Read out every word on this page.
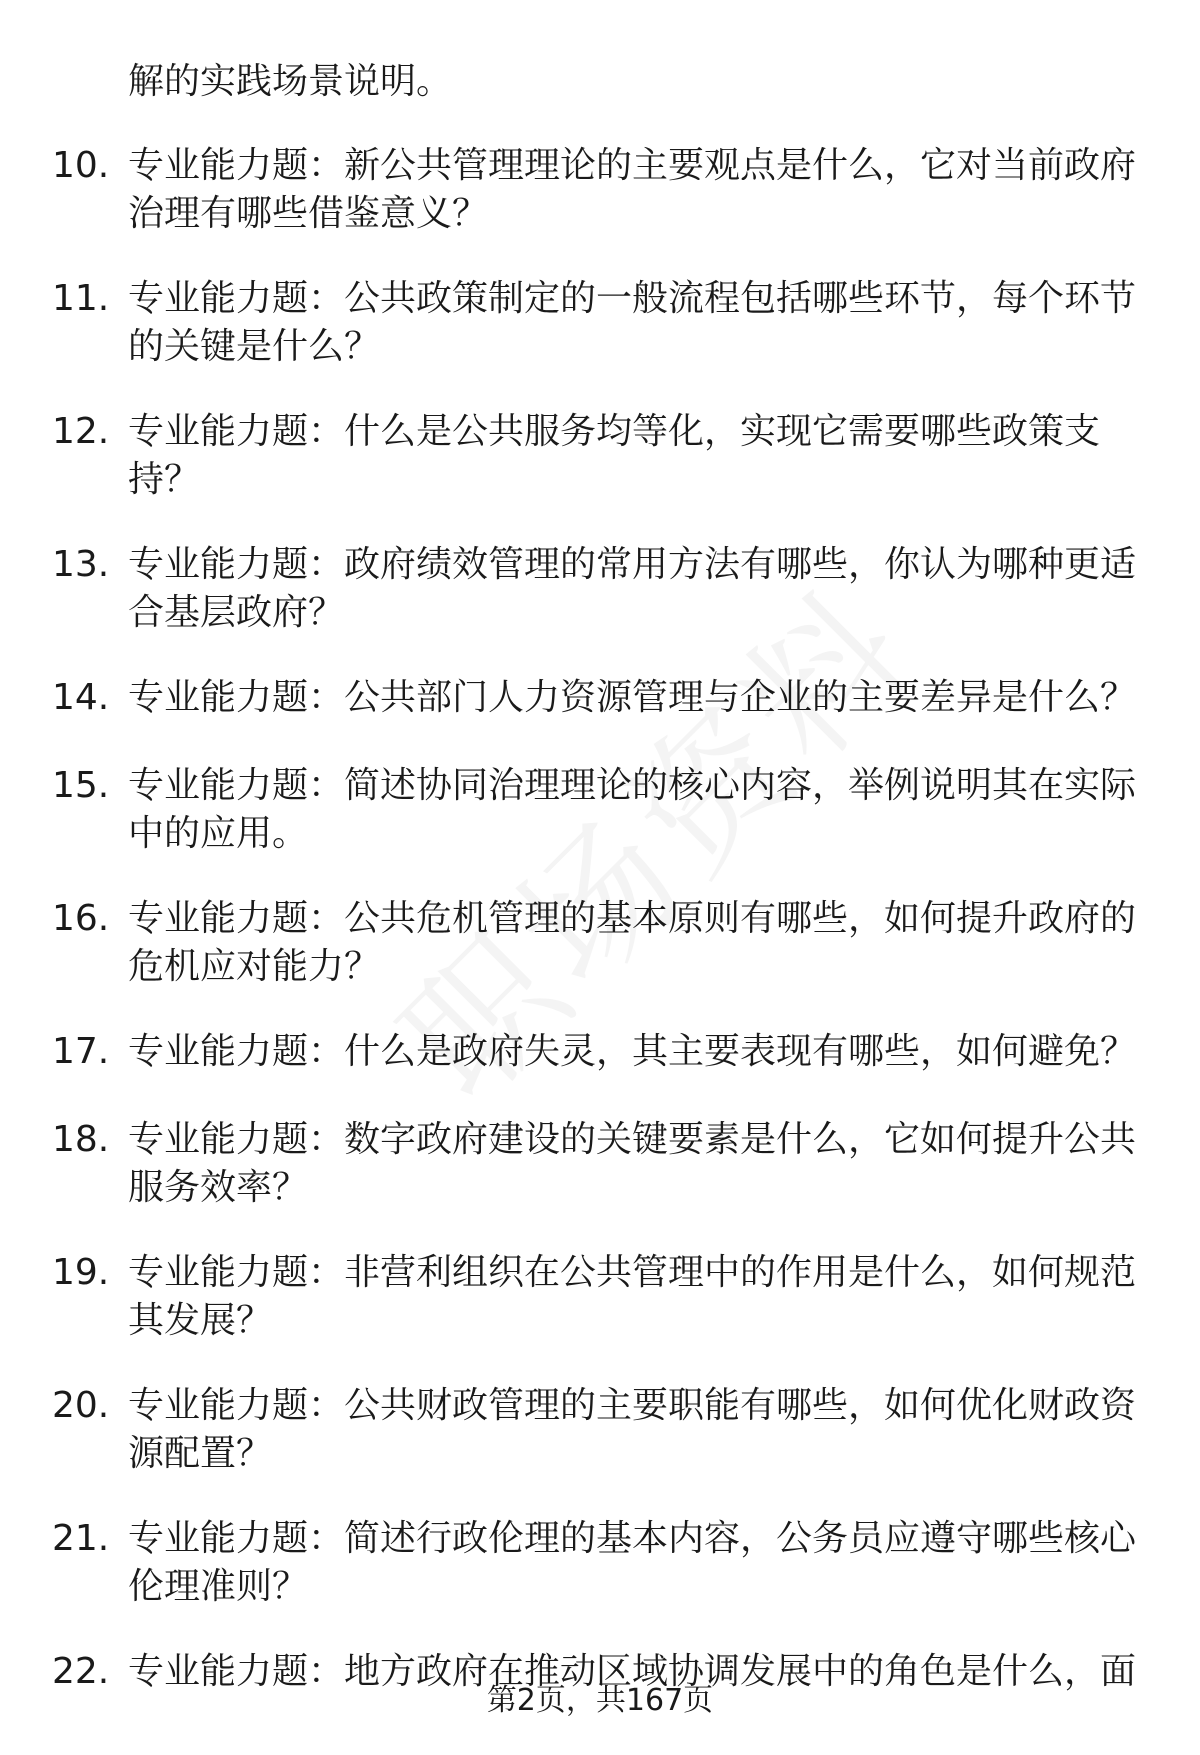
解的实践场景说明。
10. 专业能力题：新公共管理理论的主要观点是什么，它对当前政府治理有哪些借鉴意义？
11. 专业能力题：公共政策制定的一般流程包括哪些环节，每个环节的关键是什么？
12. 专业能力题：什么是公共服务均等化，实现它需要哪些政策支持？
13. 专业能力题：政府绩效管理的常用方法有哪些，你认为哪种更适合基层政府？
14. 专业能力题：公共部门人力资源管理与企业的主要差异是什么？
15. 专业能力题：简述协同治理理论的核心内容，举例说明其在实际中的应用。
16. 专业能力题：公共危机管理的基本原则有哪些，如何提升政府的危机应对能力？
17. 专业能力题：什么是政府失灵，其主要表现有哪些，如何避免？
18. 专业能力题：数字政府建设的关键要素是什么，它如何提升公共服务效率？
19. 专业能力题：非营利组织在公共管理中的作用是什么，如何规范其发展？
20. 专业能力题：公共财政管理的主要职能有哪些，如何优化财政资源配置？
21. 专业能力题：简述行政伦理的基本内容，公务员应遵守哪些核心伦理准则？
22. 专业能力题：地方政府在推动区域协调发展中的角色是什么，面
第2页，共167页
